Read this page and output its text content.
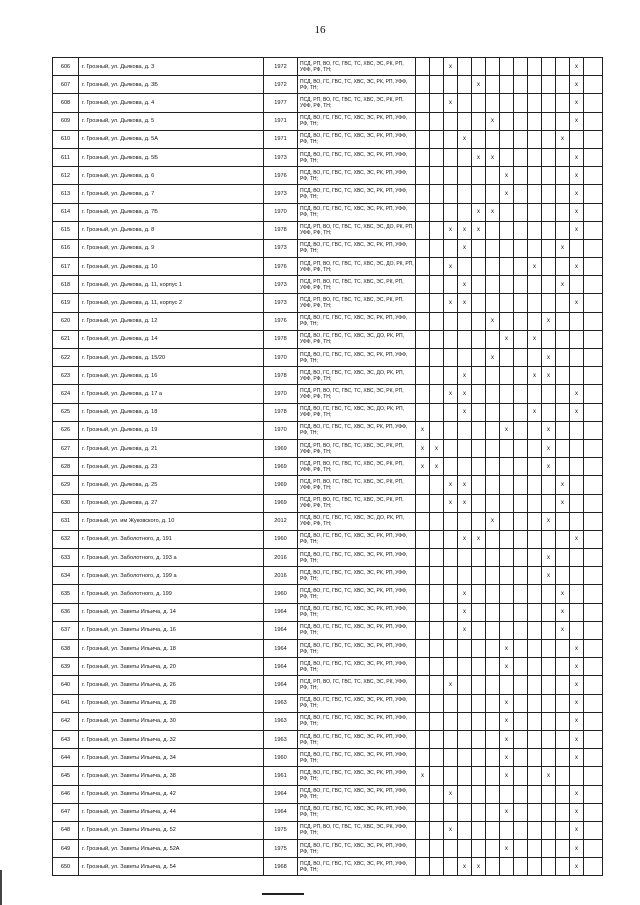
16
606	г. Грозный, ул. Дьякова, д. 3	1972	ПСД, РП, ВО, ГС, ГВС, ТС, ХВС, ЭС, РК, РП, УФФ, РФ, ТН;			x									x	
607	г. Грозный, ул. Дьякова, д. 3Б	1972	ПСД, ВО, ГС, ГВС, ТС, ХВС, ЭС, РК, РП, УФФ, РФ, ТН;					x							x	
608	г. Грозный, ул. Дьякова, д. 4	1977	ПСД, РП, ВО, ГС, ГВС, ТС, ХВС, ЭС, РК, РП, УФФ, РФ, ТН;			x									x	
609	г. Грозный, ул. Дьякова, д. 5	1971	ПСД, ВО, ГС, ГВС, ТС, ХВС, ЭС, РК, РП, УФФ, РФ, ТН;						x						x	
610	г. Грозный, ул. Дьякова, д. 5А	1971	ПСД, ВО, ГС, ГВС, ТС, ХВС, ЭС, РК, РП, УФФ, РФ, ТН;				x							x		
611	г. Грозный, ул. Дьякова, д. 5Б	1973	ПСД, ВО, ГС, ГВС, ТС, ХВС, ЭС, РК, РП, УФФ, РФ, ТН;					x	x						x	
612	г. Грозный, ул. Дьякова, д. 6	1976	ПСД, ВО, ГС, ГВС, ТС, ХВС, ЭС, РК, РП, УФФ, РФ, ТН;							x					x	
613	г. Грозный, ул. Дьякова, д. 7	1973	ПСД, ВО, ГС, ГВС, ТС, ХВС, ЭС, РК, РП, УФФ, РФ, ТН;							x					x	
614	г. Грозный, ул. Дьякова, д. 7Б	1970	ПСД, ВО, ГС, ГВС, ТС, ХВС, ЭС, РК, РП, УФФ, РФ, ТН;					x	x						x	
615	г. Грозный, ул. Дьякова, д. 8	1978	ПСД, РП, ВО, ГС, ГВС, ТС, ХВС, ЭС, ДО, РК, РП, УФФ, РФ, ТН;			x	x	x							x	
616	г. Грозный, ул. Дьякова, д. 9	1973	ПСД, ВО, ГС, ГВС, ТС, ХВС, ЭС, РК, РП, УФФ, РФ, ТН;				x							x		
617	г. Грозный, ул. Дьякова, д. 10	1976	ПСД, РП, ВО, ГС, ГВС, ТС, ХВС, ЭС, ДО, РК, РП, УФФ, РФ, ТН;			x						x			x	
618	г. Грозный, ул. Дьякова, д. 11, корпус 1	1973	ПСД, РП, ВО, ГС, ГВС, ТС, ХВС, ЭС, РК, РП, УФФ, РФ, ТН;				x							x		
619	г. Грозный, ул. Дьякова, д. 11, корпус 2	1973	ПСД, РП, ВО, ГС, ГВС, ТС, ХВС, ЭС, РК, РП, УФФ, РФ, ТН;			x	x								x	
620	г. Грозный, ул. Дьякова, д. 12	1976	ПСД, ВО, ГС, ГВС, ТС, ХВС, ЭС, РК, РП, УФФ, РФ, ТН;						x				x			
621	г. Грозный, ул. Дьякова, д. 14	1978	ПСД, ВО, ГС, ГВС, ТС, ХВС, ЭС, ДО, РК, РП, УФФ, РФ, ТН;							x		x				
622	г. Грозный, ул. Дьякова, д. 15/20	1970	ПСД, ВО, ГС, ГВС, ТС, ХВС, ЭС, РК, РП, УФФ, РФ, ТН;						x				x			
623	г. Грозный, ул. Дьякова, д. 16	1978	ПСД, ВО, ГС, ГВС, ТС, ХВС, ЭС, ДО, РК, РП, УФФ, РФ, ТН;				x					x	x			
624	г. Грозный, ул. Дьякова, д. 17 а	1970	ПСД, РП, ВО, ГС, ГВС, ТС, ХВС, ЭС, РК, РП, УФФ, РФ, ТН;			x	x								x	
625	г. Грозный, ул. Дьякова, д. 18	1978	ПСД, ВО, ГС, ГВС, ТС, ХВС, ЭС, ДО, РК, РП, УФФ, РФ, ТН;				x					x			x	
626	г. Грозный, ул. Дьякова, д. 19	1970	ПСД, ВО, ГС, ГВС, ТС, ХВС, ЭС, РК, РП, УФФ, РФ, ТН;	x						x			x			
627	г. Грозный, ул. Дьякова, д. 21	1969	ПСД, РП, ВО, ГС, ГВС, ТС, ХВС, ЭС, РК, РП, УФФ, РФ, ТН;	x	x								x			
628	г. Грозный, ул. Дьякова, д. 23	1969	ПСД, РП, ВО, ГС, ГВС, ТС, ХВС, ЭС, РК, РП, УФФ, РФ, ТН;	x	x								x			
629	г. Грозный, ул. Дьякова, д. 25	1969	ПСД, РП, ВО, ГС, ГВС, ТС, ХВС, ЭС, РК, РП, УФФ, РФ, ТН;			x	x							x		
630	г. Грозный, ул. Дьякова, д. 27	1969	ПСД, РП, ВО, ГС, ГВС, ТС, ХВС, ЭС, РК, РП, УФФ, РФ, ТН;			x	x							x		
631	г. Грозный, ул. им Жуковского, д. 10	2012	ПСД, ВО, ГС, ГВС, ТС, ХВС, ЭС, ДО, РК, РП, УФФ, РФ, ТН;						x				x			
632	г. Грозный, ул. Заболотного, д. 191	1960	ПСД, ВО, ГС, ГВС, ТС, ХВС, ЭС, РК, РП, УФФ, РФ, ТН;				x	x							x	
633	г. Грозный, ул. Заболотного, д. 193 а	2016	ПСД, ВО, ГС, ГВС, ТС, ХВС, ЭС, РК, РП, УФФ, РФ, ТН;										x			
634	г. Грозный, ул. Заболотного, д. 199 а	2016	ПСД, ВО, ГС, ГВС, ТС, ХВС, ЭС, РК, РП, УФФ, РФ, ТН;										x			
635	г. Грозный, ул. Заболотного, д. 199	1960	ПСД, ВО, ГС, ГВС, ТС, ХВС, ЭС, РК, РП, УФФ, РФ, ТН;				x							x		
636	г. Грозный, ул. Заветы Ильича, д. 14	1964	ПСД, ВО, ГС, ГВС, ТС, ХВС, ЭС, РК, РП, УФФ, РФ, ТН;				x							x		
637	г. Грозный, ул. Заветы Ильича, д. 16	1964	ПСД, ВО, ГС, ГВС, ТС, ХВС, ЭС, РК, РП, УФФ, РФ, ТН;				x							x		
638	г. Грозный, ул. Заветы Ильича, д. 18	1964	ПСД, ВО, ГС, ГВС, ТС, ХВС, ЭС, РК, РП, УФФ, РФ, ТН;							x					x	
639	г. Грозный, ул. Заветы Ильича, д. 20	1964	ПСД, ВО, ГС, ГВС, ТС, ХВС, ЭС, РК, РП, УФФ, РФ, ТН;							x					x	
640	г. Грозный, ул. Заветы Ильича, д. 26	1964	ПСД, РП, ВО, ГС, ГВС, ТС, ХВС, ЭС, РК, УФФ, РФ, ТН;			x									x	
641	г. Грозный, ул. Заветы Ильича, д. 28	1963	ПСД, ВО, ГС, ГВС, ТС, ХВС, ЭС, РК, РП, УФФ, РФ, ТН;							x					x	
642	г. Грозный, ул. Заветы Ильича, д. 30	1963	ПСД, ВО, ГС, ГВС, ТС, ХВС, ЭС, РК, РП, УФФ, РФ, ТН;							x					x	
643	г. Грозный, ул. Заветы Ильича, д. 32	1963	ПСД, ВО, ГС, ГВС, ТС, ХВС, ЭС, РК, РП, УФФ, РФ, ТН;							x					x	
644	г. Грозный, ул. Заветы Ильича, д. 34	1960	ПСД, ВО, ГС, ГВС, ТС, ХВС, ЭС, РК, РП, УФФ, РФ, ТН;							x					x	
645	г. Грозный, ул. Заветы Ильича, д. 38	1961	ПСД, ВО, ГС, ГВС, ТС, ХВС, ЭС, РК, РП, УФФ, РФ, ТН;	x						x			x			
646	г. Грозный, ул. Заветы Ильича, д. 42	1964	ПСД, ВО, ГС, ГВС, ТС, ХВС, ЭС, РК, РП, УФФ, РФ, ТН;			x									x	
647	г. Грозный, ул. Заветы Ильича, д. 44	1964	ПСД, ВО, ГС, ГВС, ТС, ХВС, ЭС, РК, РП, УФФ, РФ, ТН;							x					x	
648	г. Грозный, ул. Заветы Ильича, д. 52	1975	ПСД, РП, ВО, ГС, ГВС, ТС, ХВС, ЭС, РК, УФФ, РФ, ТН;			x									x	
649	г. Грозный, ул. Заветы Ильича, д. 52А	1975	ПСД, ВО, ГС, ГВС, ТС, ХВС, ЭС, РК, РП, УФФ, РФ, ТН;							x					x	
650	г. Грозный, ул. Заветы Ильича, д. 54	1968	ПСД, ВО, ГС, ГВС, ТС, ХВС, ЭС, РК, РП, УФФ, РФ, ТН;				x	x							x	
